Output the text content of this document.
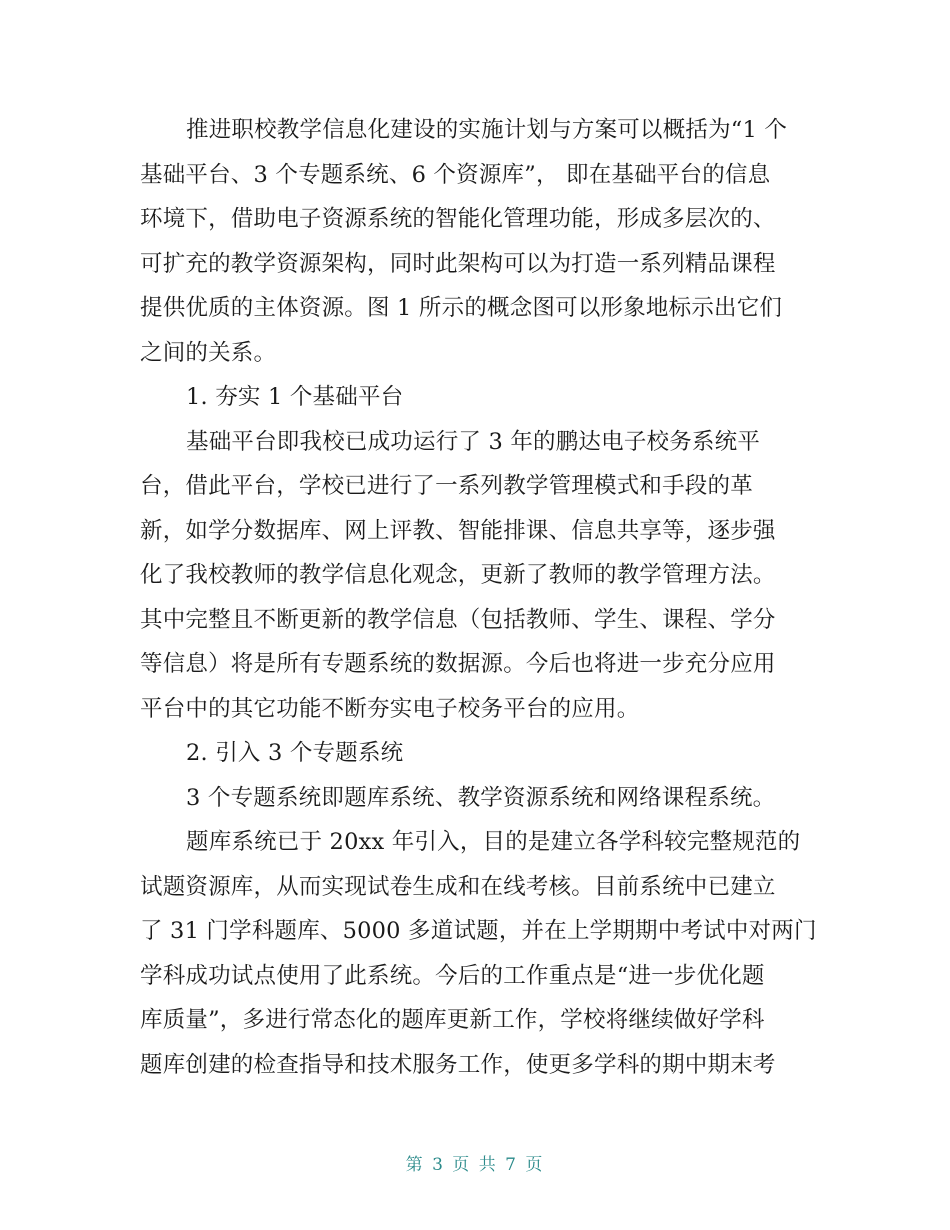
推进职校教学信息化建设的实施计划与方案可以概括为“1 个
基础平台、3 个专题系统、6 个资源库”， 即在基础平台的信息
环境下，借助电子资源系统的智能化管理功能，形成多层次的、
可扩充的教学资源架构，同时此架构可以为打造一系列精品课程
提供优质的主体资源。图 1 所示的概念图可以形象地标示出它们
之间的关系。
1. 夯实 1 个基础平台
基础平台即我校已成功运行了 3 年的鹏达电子校务系统平
台，借此平台，学校已进行了一系列教学管理模式和手段的革
新，如学分数据库、网上评教、智能排课、信息共享等，逐步强
化了我校教师的教学信息化观念，更新了教师的教学管理方法。
其中完整且不断更新的教学信息（包括教师、学生、课程、学分
等信息）将是所有专题系统的数据源。今后也将进一步充分应用
平台中的其它功能不断夯实电子校务平台的应用。
2. 引入 3 个专题系统
3 个专题系统即题库系统、教学资源系统和网络课程系统。
题库系统已于 20xx 年引入，目的是建立各学科较完整规范的
试题资源库，从而实现试卷生成和在线考核。目前系统中已建立
了 31 门学科题库、5000 多道试题，并在上学期期中考试中对两门
学科成功试点使用了此系统。今后的工作重点是“进一步优化题
库质量”，多进行常态化的题库更新工作，学校将继续做好学科
题库创建的检查指导和技术服务工作，使更多学科的期中期末考
第 3 页 共 7 页
